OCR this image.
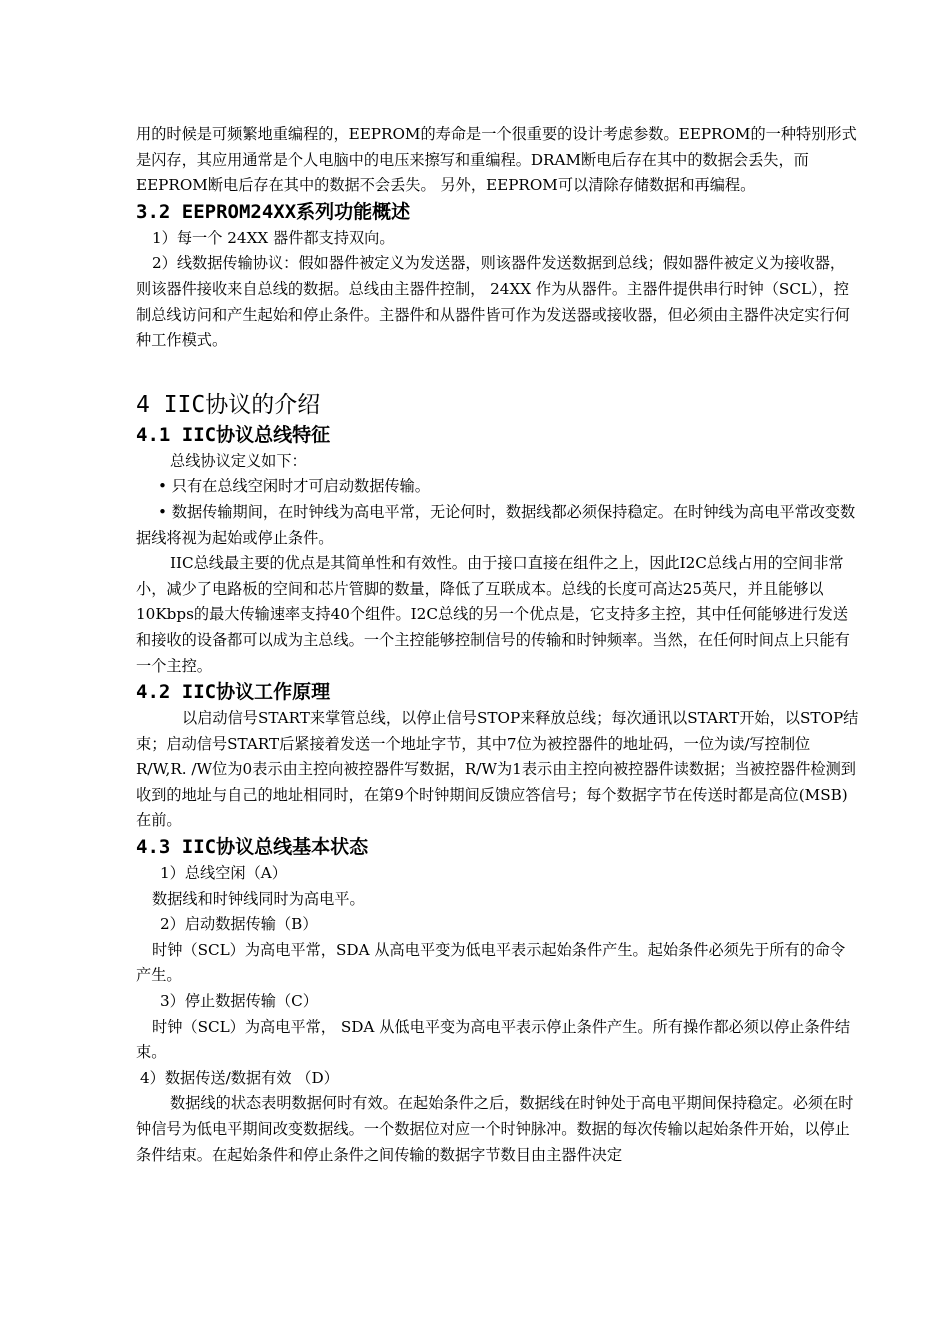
用的时候是可频繁地重编程的，EEPROM的寿命是一个很重要的设计考虑参数。EEPROM的一种特别形式是闪存，其应用通常是个人电脑中的电压来擦写和重编程。DRAM断电后存在其中的数据会丢失，而EEPROM断电后存在其中的数据不会丢失。 另外，EEPROM可以清除存储数据和再编程。

3.2 EEPROM24XX系列功能概述

1）每一个 24XX 器件都支持双向。

2）线数据传输协议：假如器件被定义为发送器，则该器件发送数据到总线；假如器件被定义为接收器，则该器件接收来自总线的数据。总线由主器件控制， 24XX 作为从器件。主器件提供串行时钟（SCL），控制总线访问和产生起始和停止条件。主器件和从器件皆可作为发送器或接收器，但必须由主器件决定实行何种工作模式。

4 IIC协议的介绍
4.1 IIC协议总线特征

总线协议定义如下：

• 只有在总线空闲时才可启动数据传输。

• 数据传输期间，在时钟线为高电平常，无论何时，数据线都必须保持稳定。在时钟线为高电平常改变数据线将视为起始或停止条件。

IIC总线最主要的优点是其简单性和有效性。由于接口直接在组件之上，因此I2C总线占用的空间非常小，减少了电路板的空间和芯片管脚的数量，降低了互联成本。总线的长度可高达25英尺，并且能够以10Kbps的最大传输速率支持40个组件。I2C总线的另一个优点是，它支持多主控，其中任何能够进行发送和接收的设备都可以成为主总线。一个主控能够控制信号的传输和时钟频率。当然，在任何时间点上只能有一个主控。

4.2 IIC协议工作原理

以启动信号START来掌管总线，以停止信号STOP来释放总线；每次通讯以START开始，以STOP结束；启动信号START后紧接着发送一个地址字节，其中7位为被控器件的地址码，一位为读/写控制位R/W,R. /W位为0表示由主控向被控器件写数据，R/W为1表示由主控向被控器件读数据；当被控器件检测到收到的地址与自己的地址相同时，在第9个时钟期间反馈应答信号；每个数据字节在传送时都是高位(MSB)在前。

4.3 IIC协议总线基本状态

1）总线空闲（A）

数据线和时钟线同时为高电平。

2）启动数据传输（B）

时钟（SCL）为高电平常，SDA 从高电平变为低电平表示起始条件产生。起始条件必须先于所有的命令产生。

3）停止数据传输（C）

时钟（SCL）为高电平常， SDA 从低电平变为高电平表示停止条件产生。所有操作都必须以停止条件结束。

4）数据传送/数据有效 （D）

数据线的状态表明数据何时有效。在起始条件之后，数据线在时钟处于高电平期间保持稳定。必须在时钟信号为低电平期间改变数据线。一个数据位对应一个时钟脉冲。数据的每次传输以起始条件开始，以停止条件结束。在起始条件和停止条件之间传输的数据字节数目由主器件决定
